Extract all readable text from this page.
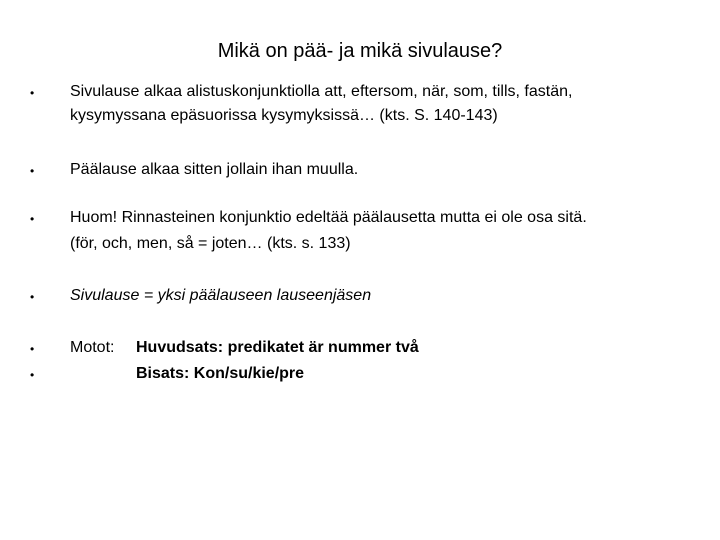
Mikä on pää- ja mikä sivulause?
• Sivulause alkaa alistuskonjunktiolla att, eftersom, när, som, tills, fastän,
kysymyssana epäsuorissa kysymyksissä… (kts. S. 140-143)
• Päälause alkaa sitten jollain ihan muulla.
• Huom! Rinnasteinen konjunktio edeltää päälausetta mutta ei ole osa sitä.
(för, och, men, så = joten… (kts. s. 133)
• Sivulause = yksi päälauseen lauseenjäsen
• Motot: Huvudsats: predikatet är nummer två
•	Bisats: Kon/su/kie/pre
